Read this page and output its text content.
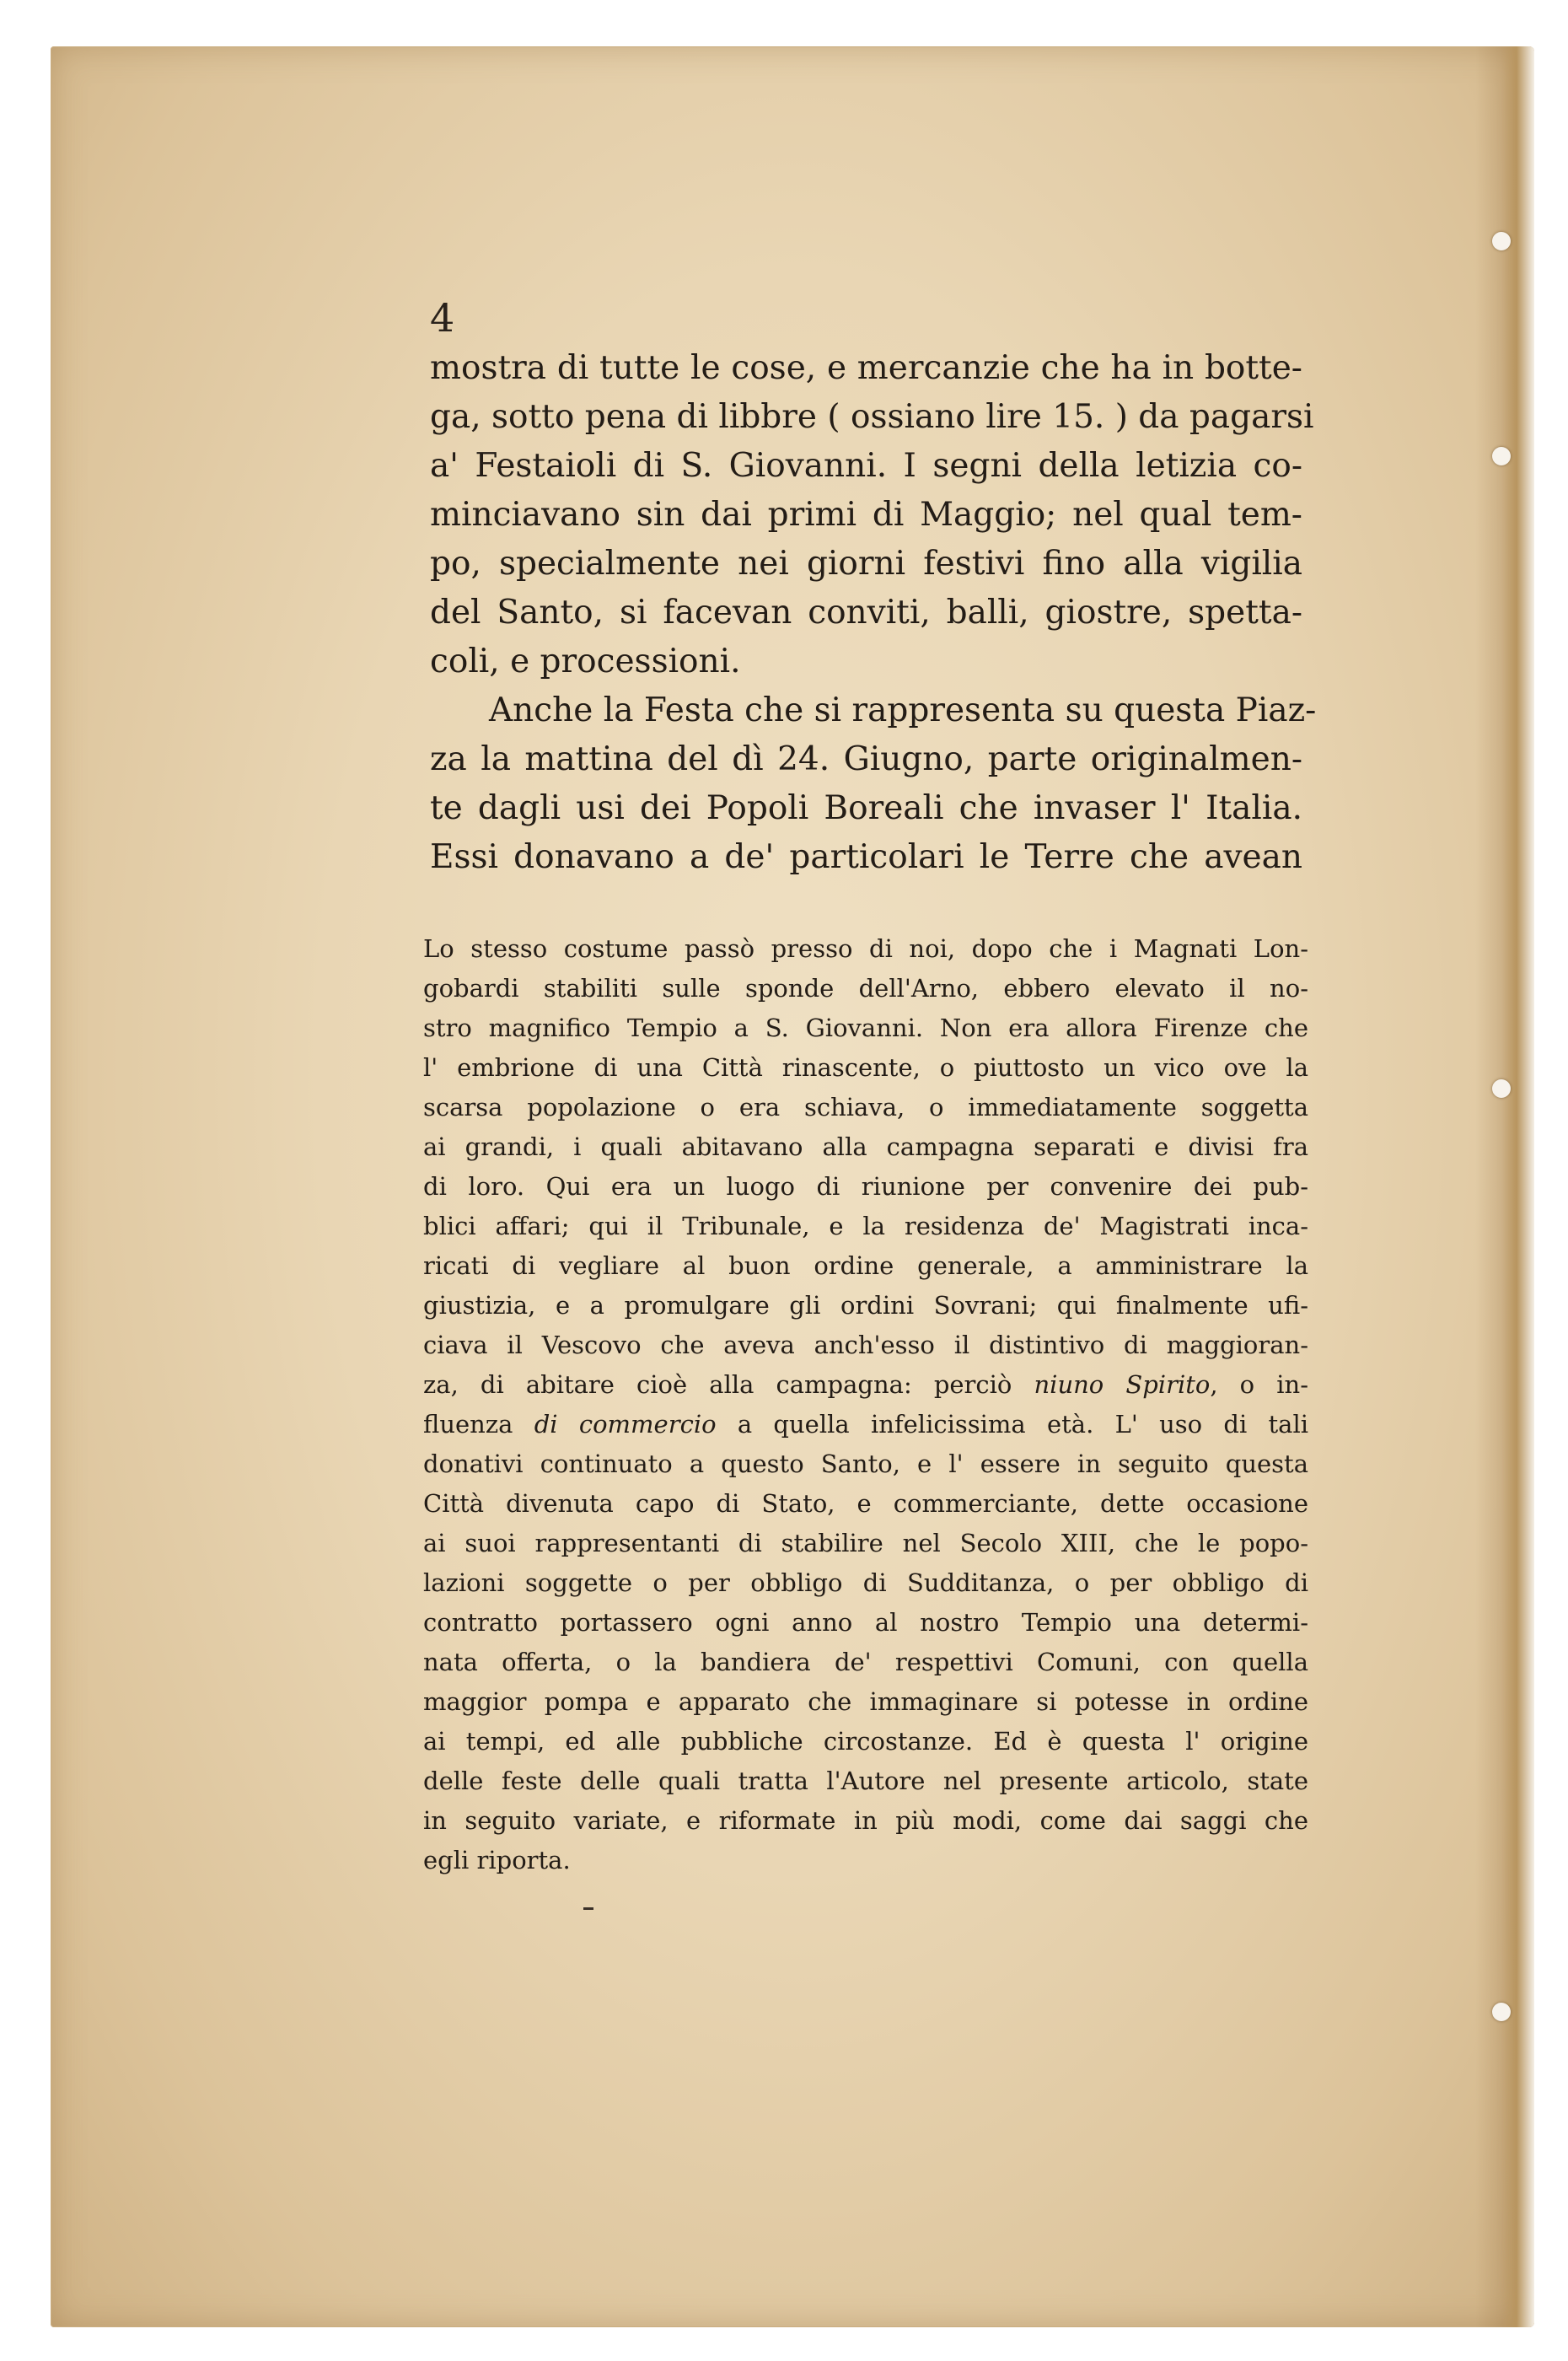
4
mostra di tutte le cose, e mercanzie che ha in botte-
ga, sotto pena di libbre ( ossiano lire 15. ) da pagarsi
a' Festaioli di S. Giovanni. I segni della letizia co-
minciavano sin dai primi di Maggio; nel qual tem-
po, specialmente nei giorni festivi fino alla vigilia
del Santo, si facevan conviti, balli, giostre, spetta-
coli, e processioni.
Anche la Festa che si rappresenta su questa Piaz-
za la mattina del dì 24. Giugno, parte originalmen-
te dagli usi dei Popoli Boreali che invaser l' Italia.
Essi donavano a de' particolari le Terre che avean
Lo stesso costume passò presso di noi, dopo che i Magnati Lon-
gobardi stabiliti sulle sponde dell'Arno, ebbero elevato il no-
stro magnifico Tempio a S. Giovanni. Non era allora Firenze che
l' embrione di una Città rinascente, o piuttosto un vico ove la
scarsa popolazione o era schiava, o immediatamente soggetta
ai grandi, i quali abitavano alla campagna separati e divisi fra
di loro. Qui era un luogo di riunione per convenire dei pub-
blici affari; qui il Tribunale, e la residenza de' Magistrati inca-
ricati di vegliare al buon ordine generale, a amministrare la
giustizia, e a promulgare gli ordini Sovrani; qui finalmente ufi-
ciava il Vescovo che aveva anch'esso il distintivo di maggioran-
za, di abitare cioè alla campagna: perciò niuno Spirito, o in-
fluenza di commercio a quella infelicissima età. L' uso di tali
donativi continuato a questo Santo, e l' essere in seguito questa
Città divenuta capo di Stato, e commerciante, dette occasione
ai suoi rappresentanti di stabilire nel Secolo XIII, che le popo-
lazioni soggette o per obbligo di Sudditanza, o per obbligo di
contratto portassero ogni anno al nostro Tempio una determi-
nata offerta, o la bandiera de' respettivi Comuni, con quella
maggior pompa e apparato che immaginare si potesse in ordine
ai tempi, ed alle pubbliche circostanze. Ed è questa l' origine
delle feste delle quali tratta l'Autore nel presente articolo, state
in seguito variate, e riformate in più modi, come dai saggi che
egli riporta.
